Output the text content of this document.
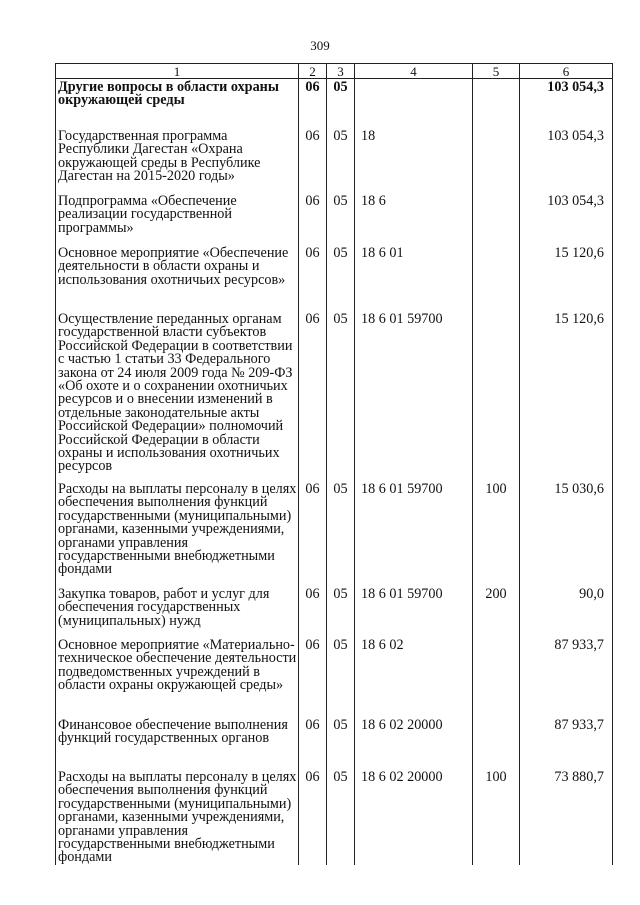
309
1	2	3	4	5	6
Другие вопросы в области охраны окружающей среды	06	05			103 054,3
Государственная программа Республики Дагестан «Охрана окружающей среды в Республике Дагестан на 2015-2020 годы»	06	05	18		103 054,3
Подпрограмма «Обеспечение реализации государственной программы»	06	05	18 6		103 054,3
Основное мероприятие «Обеспечение деятельности в области охраны и использования охотничьих ресурсов»	06	05	18 6 01		15 120,6
Осуществление переданных органам государственной власти субъектов Российской Федерации в соответствии с частью 1 статьи 33 Федерального закона от 24 июля 2009 года № 209-ФЗ «Об охоте и о сохранении охотничьих ресурсов и о внесении изменений в отдельные законодательные акты Российской Федерации» полномочий Российской Федерации в области охраны и использования охотничьих ресурсов	06	05	18 6 01 59700		15 120,6
Расходы на выплаты персоналу в целях обеспечения выполнения функций государственными (муниципальными) органами, казенными учреждениями, органами управления государственными внебюджетными фондами	06	05	18 6 01 59700	100	15 030,6
Закупка товаров, работ и услуг для обеспечения государственных (муниципальных) нужд	06	05	18 6 01 59700	200	90,0
Основное мероприятие «Материально-техническое обеспечение деятельности подведомственных учреждений в области охраны окружающей среды»	06	05	18 6 02		87 933,7
Финансовое обеспечение выполнения функций государственных органов	06	05	18 6 02 20000		87 933,7
Расходы на выплаты персоналу в целях обеспечения выполнения функций государственными (муниципальными) органами, казенными учреждениями, органами управления государственными внебюджетными фондами	06	05	18 6 02 20000	100	73 880,7
